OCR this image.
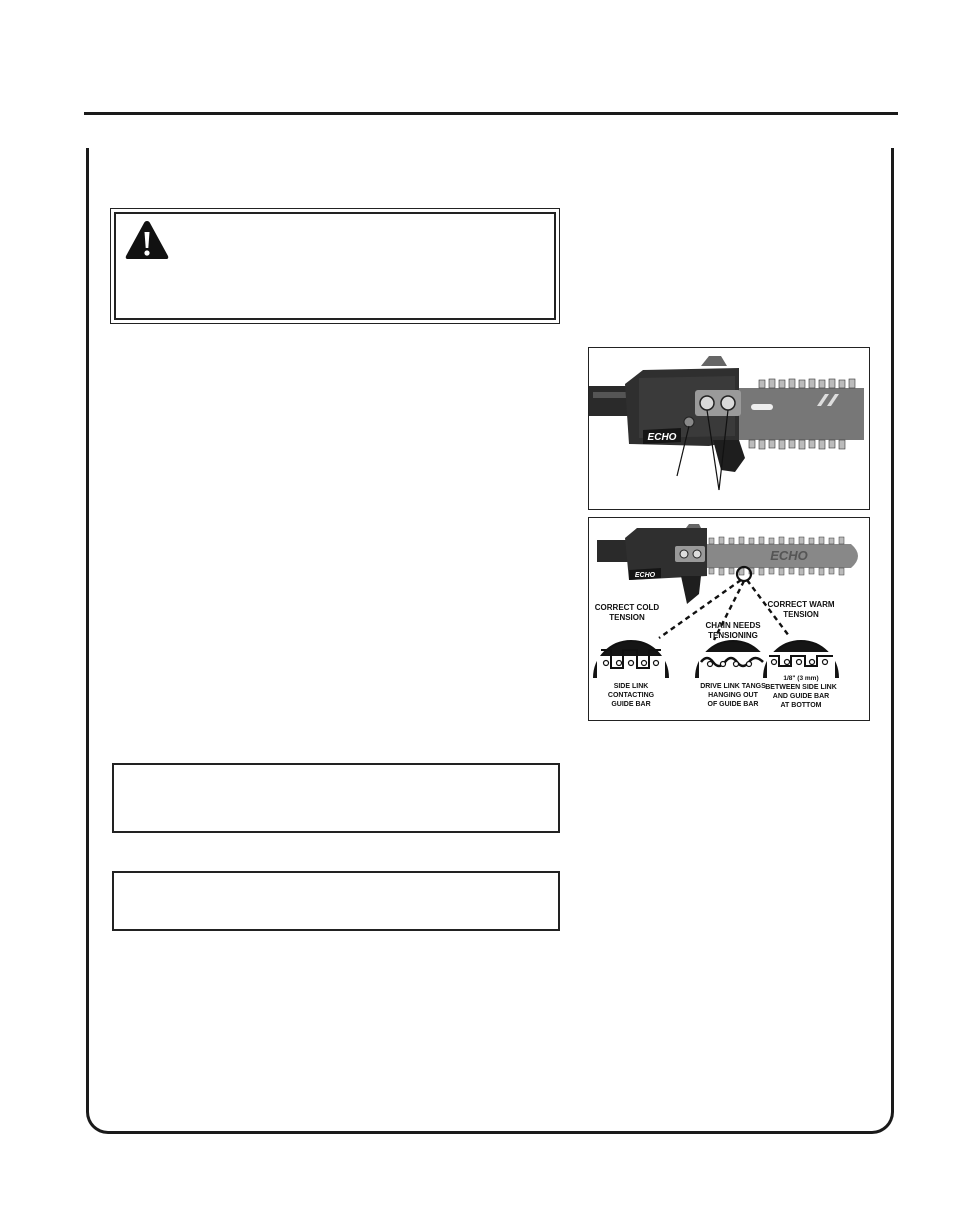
ECHO
ECHO
ECHO
CORRECT COLD
TENSION
CHAIN NEEDS
TENSIONING
CORRECT WARM
TENSION
SIDE LINK
CONTACTING
GUIDE BAR
DRIVE LINK TANGS
HANGING OUT
OF GUIDE BAR
1/8" (3 mm)
BETWEEN SIDE LINK
AND GUIDE BAR
AT BOTTOM
